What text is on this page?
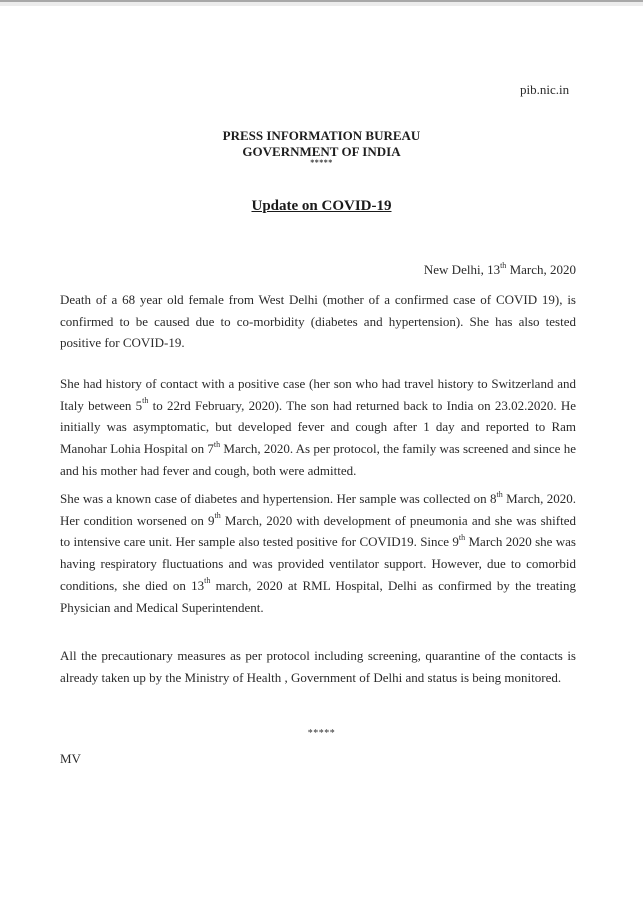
pib.nic.in
PRESS INFORMATION BUREAU
GOVERNMENT OF INDIA
*****
Update on COVID-19
New Delhi, 13th March, 2020
Death of a 68 year old female from West Delhi (mother of a confirmed case of COVID 19), is confirmed to be caused due to co-morbidity (diabetes and hypertension). She has also tested positive for COVID-19.
She had history of contact with a positive case (her son who had travel history to Switzerland and Italy between 5th to 22rd February, 2020). The son had returned back to India on 23.02.2020. He initially was asymptomatic, but developed fever and cough after 1 day and reported to Ram Manohar Lohia Hospital on 7th March, 2020. As per protocol, the family was screened and since he and his mother had fever and cough, both were admitted.
She was a known case of diabetes and hypertension. Her sample was collected on 8th March, 2020. Her condition worsened on 9th March, 2020 with development of pneumonia and she was shifted to intensive care unit. Her sample also tested positive for COVID19. Since 9th March 2020 she was having respiratory fluctuations and was provided ventilator support. However, due to comorbid conditions, she died on 13th march, 2020 at RML Hospital, Delhi as confirmed by the treating Physician and Medical Superintendent.
All the precautionary measures as per protocol including screening, quarantine of the contacts is already taken up by the Ministry of Health , Government of Delhi and status is being monitored.
*****
MV
